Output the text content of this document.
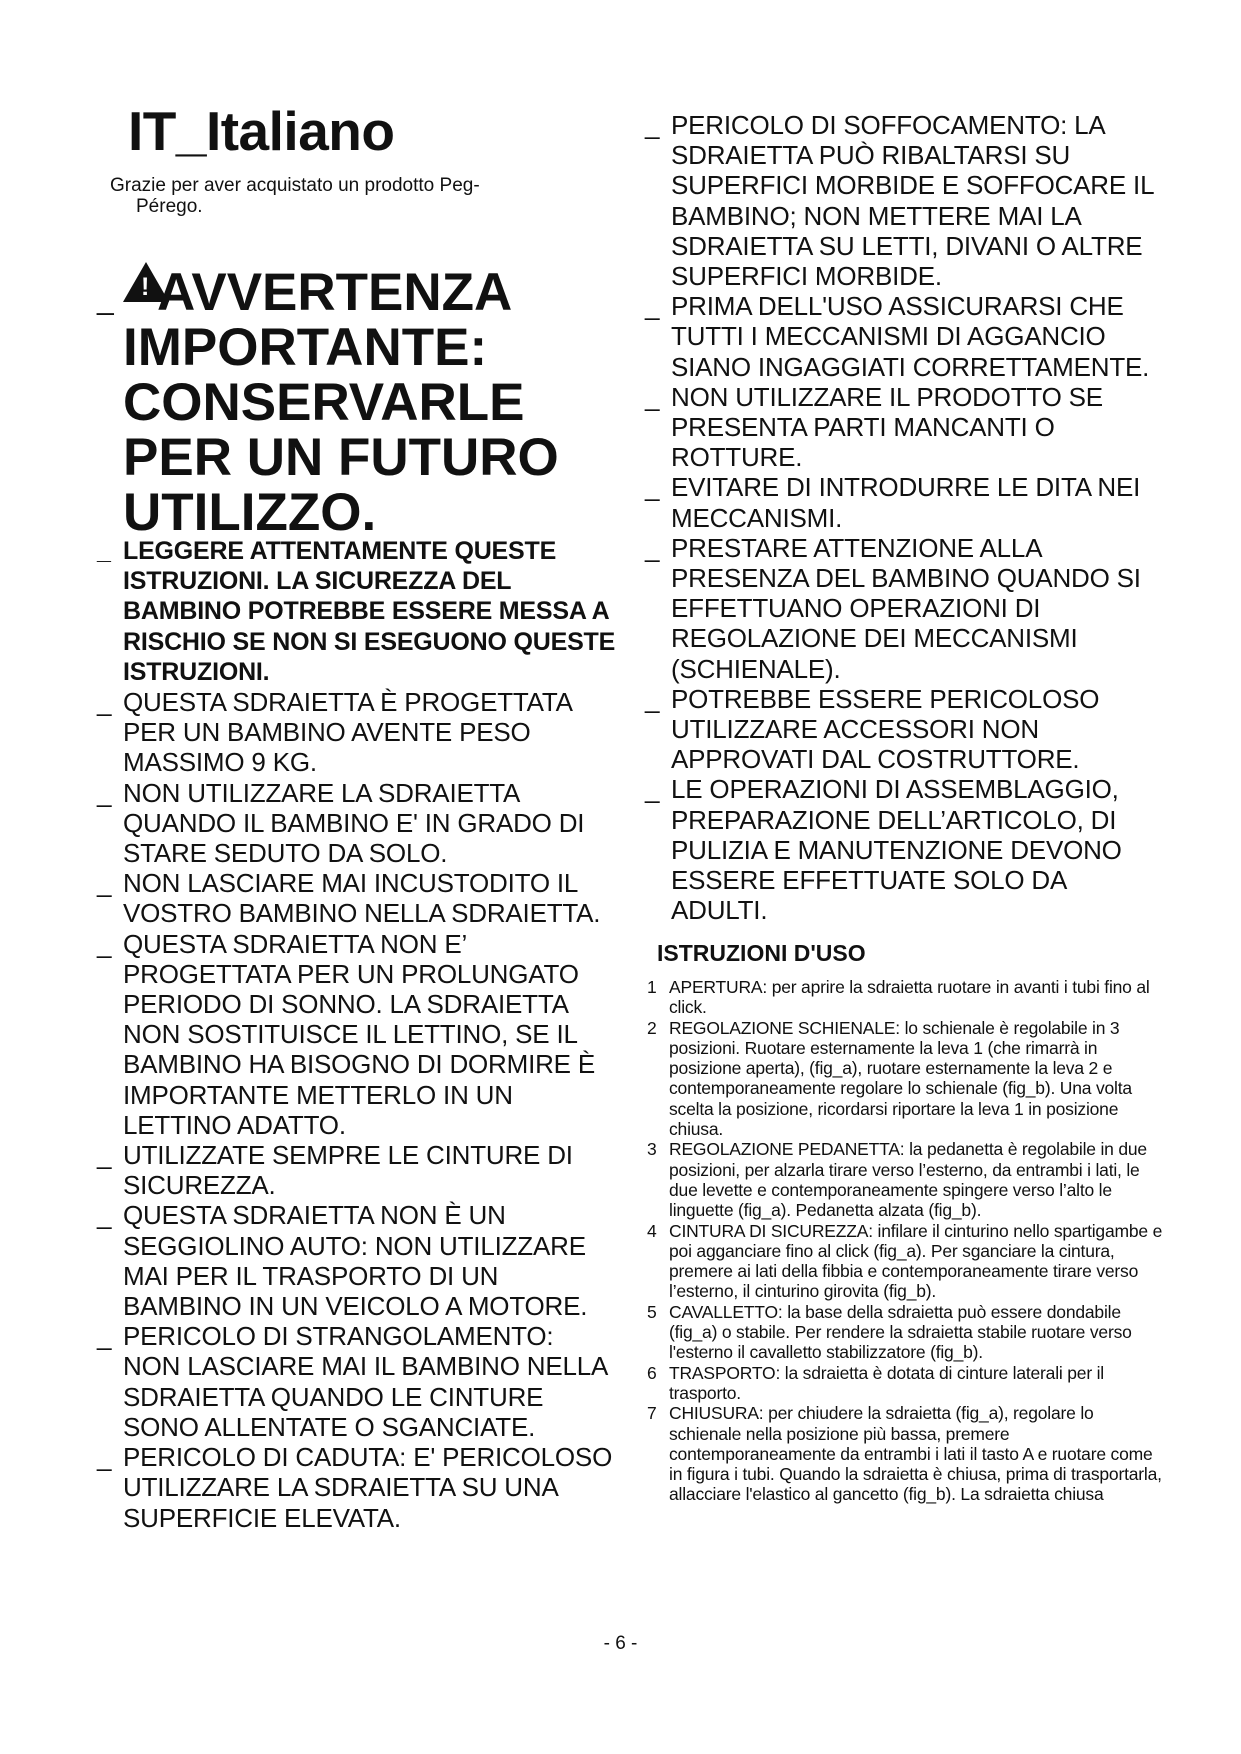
IT_Italiano
Grazie per aver acquistato un prodotto Peg-
Pérego.
_
! AVVERTENZA IMPORTANTE: CONSERVARLE PER UN FUTURO UTILIZZO.
_ LEGGERE ATTENTAMENTE QUESTE ISTRUZIONI. LA SICUREZZA DEL BAMBINO POTREBBE ESSERE MESSA A RISCHIO SE NON SI ESEGUONO QUESTE ISTRUZIONI.
_ QUESTA SDRAIETTA È PROGETTATA PER UN BAMBINO AVENTE PESO MASSIMO 9 KG.
_ NON UTILIZZARE LA SDRAIETTA QUANDO IL BAMBINO E' IN GRADO DI STARE SEDUTO DA SOLO.
_ NON LASCIARE MAI INCUSTODITO IL VOSTRO BAMBINO NELLA SDRAIETTA.
_ QUESTA SDRAIETTA NON E’ PROGETTATA PER UN PROLUNGATO PERIODO DI SONNO. LA SDRAIETTA NON SOSTITUISCE IL LETTINO, SE IL BAMBINO HA BISOGNO DI DORMIRE È IMPORTANTE METTERLO IN UN LETTINO ADATTO.
_ UTILIZZATE SEMPRE LE CINTURE DI SICUREZZA.
_ QUESTA SDRAIETTA NON È UN SEGGIOLINO AUTO: NON UTILIZZARE MAI PER IL TRASPORTO DI UN BAMBINO IN UN VEICOLO A MOTORE.
_ PERICOLO DI STRANGOLAMENTO: NON LASCIARE MAI IL BAMBINO NELLA SDRAIETTA QUANDO LE CINTURE SONO ALLENTATE O SGANCIATE.
_ PERICOLO DI CADUTA: E' PERICOLOSO UTILIZZARE LA SDRAIETTA SU UNA SUPERFICIE ELEVATA.
_ PERICOLO DI SOFFOCAMENTO: LA SDRAIETTA PUÒ RIBALTARSI SU SUPERFICI MORBIDE E SOFFOCARE IL BAMBINO; NON METTERE MAI LA SDRAIETTA SU LETTI, DIVANI O ALTRE SUPERFICI MORBIDE.
_ PRIMA DELL'USO ASSICURARSI CHE TUTTI I MECCANISMI DI AGGANCIO SIANO INGAGGIATI CORRETTAMENTE.
_ NON UTILIZZARE IL PRODOTTO SE PRESENTA PARTI MANCANTI O ROTTURE.
_ EVITARE DI INTRODURRE LE DITA NEI MECCANISMI.
_ PRESTARE ATTENZIONE ALLA PRESENZA DEL BAMBINO QUANDO SI EFFETTUANO OPERAZIONI DI REGOLAZIONE DEI MECCANISMI (SCHIENALE).
_ POTREBBE ESSERE PERICOLOSO UTILIZZARE ACCESSORI NON APPROVATI DAL COSTRUTTORE.
_ LE OPERAZIONI DI ASSEMBLAGGIO, PREPARAZIONE DELL’ARTICOLO, DI PULIZIA E MANUTENZIONE DEVONO ESSERE EFFETTUATE SOLO DA ADULTI.
ISTRUZIONI D'USO
1 APERTURA: per aprire la sdraietta ruotare in avanti i tubi fino al click.
2 REGOLAZIONE SCHIENALE: lo schienale è regolabile in 3 posizioni. Ruotare esternamente la leva 1 (che rimarrà in posizione aperta), (fig_a), ruotare esternamente la leva 2 e contemporaneamente regolare lo schienale (fig_b). Una volta scelta la posizione, ricordarsi riportare la leva 1 in posizione chiusa.
3 REGOLAZIONE PEDANETTA: la pedanetta è regolabile in due posizioni, per alzarla tirare verso l’esterno, da entrambi i lati, le due levette e contemporaneamente spingere verso l’alto le linguette (fig_a). Pedanetta alzata (fig_b).
4 CINTURA DI SICUREZZA: infilare il cinturino nello spartigambe e poi agganciare fino al click (fig_a). Per sganciare la cintura, premere ai lati della fibbia e contemporaneamente tirare verso l’esterno, il cinturino girovita (fig_b).
5 CAVALLETTO: la base della sdraietta può essere dondabile (fig_a) o stabile. Per rendere la sdraietta stabile ruotare verso l'esterno il cavalletto stabilizzatore (fig_b).
6 TRASPORTO: la sdraietta è dotata di cinture laterali per il trasporto.
7 CHIUSURA: per chiudere la sdraietta (fig_a), regolare lo schienale nella posizione più bassa, premere contemporaneamente da entrambi i lati il tasto A e ruotare come in figura i tubi. Quando la sdraietta è chiusa, prima di trasportarla, allacciare l'elastico al gancetto (fig_b). La sdraietta chiusa
- 6 -
